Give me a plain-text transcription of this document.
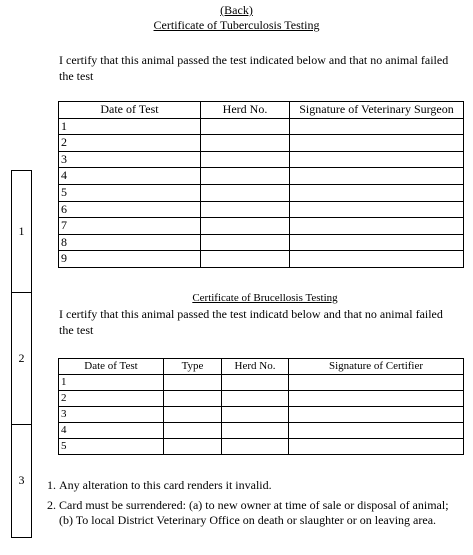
(Back)
Certificate of Tuberculosis Testing
I certify that this animal passed the test indicated below and that no animal failed the test
Date of Test	Herd No.	Signature of Veterinary Surgeon
1		
2		
3		
4		
5		
6		
7		
8		
9		
1
2
3
Certificate of Brucellosis Testing
I certify that this animal passed the test indicatd below and that no animal failed the test
Date of Test	Type	Herd No.	Signature of Certifier
1			
2			
3			
4			
5			
1. Any alteration to this card renders it invalid.
2. Card must be surrendered: (a) to new owner at time of sale or disposal of animal; (b) To local District Veterinary Office on death or slaughter or on leaving area.
